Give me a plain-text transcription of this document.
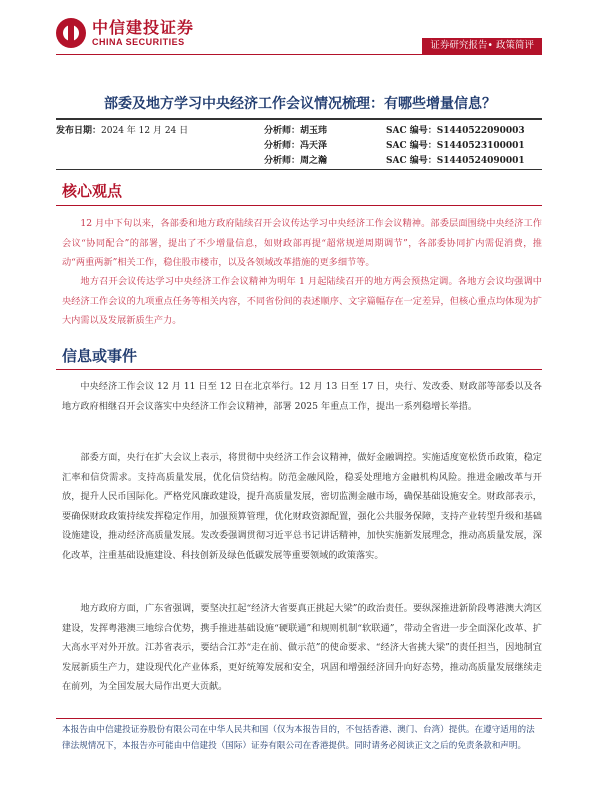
中信建投证券
CHINA SECURITIES	证券研究报告• 政策简评
部委及地方学习中央经济工作会议情况梳理：有哪些增量信息？
发布日期：2024 年 12 月 24 日	分析师：胡玉玮	SAC 编号：S1440522090003
分析师：冯天泽	SAC 编号：S1440523100001
分析师：周之瀚	SAC 编号：S1440524090001
核心观点
12 月中下旬以来，各部委和地方政府陆续召开会议传达学习中央经济工作会议精神。部委层面围绕中央经济工作会议“协同配合”的部署，提出了不少增量信息，如财政部再提“超常规逆周期调节”，各部委协同扩内需促消费，推动“两重两新”相关工作，稳住股市楼市，以及各领域改革措施的更多细节等。
地方召开会议传达学习中央经济工作会议精神为明年 1 月起陆续召开的地方两会预热定调。各地方会议均强调中央经济工作会议的九项重点任务等相关内容，不同省份间的表述顺序、文字篇幅存在一定差异，但核心重点均体现为扩大内需以及发展新质生产力。
信息或事件
中央经济工作会议 12 月 11 日至 12 日在北京举行。12 月 13 日至 17 日，央行、发改委、财政部等部委以及各地方政府相继召开会议落实中央经济工作会议精神，部署 2025 年重点工作，提出一系列稳增长举措。
部委方面，央行在扩大会议上表示，将贯彻中央经济工作会议精神，做好金融调控。实施适度宽松货币政策，稳定汇率和信贷需求。支持高质量发展，优化信贷结构。防范金融风险，稳妥处理地方金融机构风险。推进金融改革与开放，提升人民币国际化。严格党风廉政建设，提升高质量发展，密切监测金融市场，确保基础设施安全。财政部表示，要确保财政政策持续发挥稳定作用，加强预算管理，优化财政资源配置，强化公共服务保障，支持产业转型升级和基础设施建设，推动经济高质量发展。发改委强调贯彻习近平总书记讲话精神，加快实施新发展理念，推动高质量发展，深化改革，注重基础设施建设、科技创新及绿色低碳发展等重要领域的政策落实。
地方政府方面，广东省强调，要坚决扛起“经济大省要真正挑起大梁”的政治责任。要纵深推进新阶段粤港澳大湾区建设，发挥粤港澳三地综合优势，携手推进基础设施“硬联通”和规则机制“软联通”，带动全省进一步全面深化改革、扩大高水平对外开放。江苏省表示，要结合江苏“走在前、做示范”的使命要求、“经济大省挑大梁”的责任担当，因地制宜发展新质生产力，建设现代化产业体系，更好统筹发展和安全，巩固和增强经济回升向好态势，推动高质量发展继续走在前列，为全国发展大局作出更大贡献。
本报告由中信建投证券股份有限公司在中华人民共和国（仅为本报告目的，不包括香港、澳门、台湾）提供。在遵守适用的法律法规情况下，本报告亦可能由中信建投（国际）证券有限公司在香港提供。同时请务必阅读正文之后的免责条款和声明。
